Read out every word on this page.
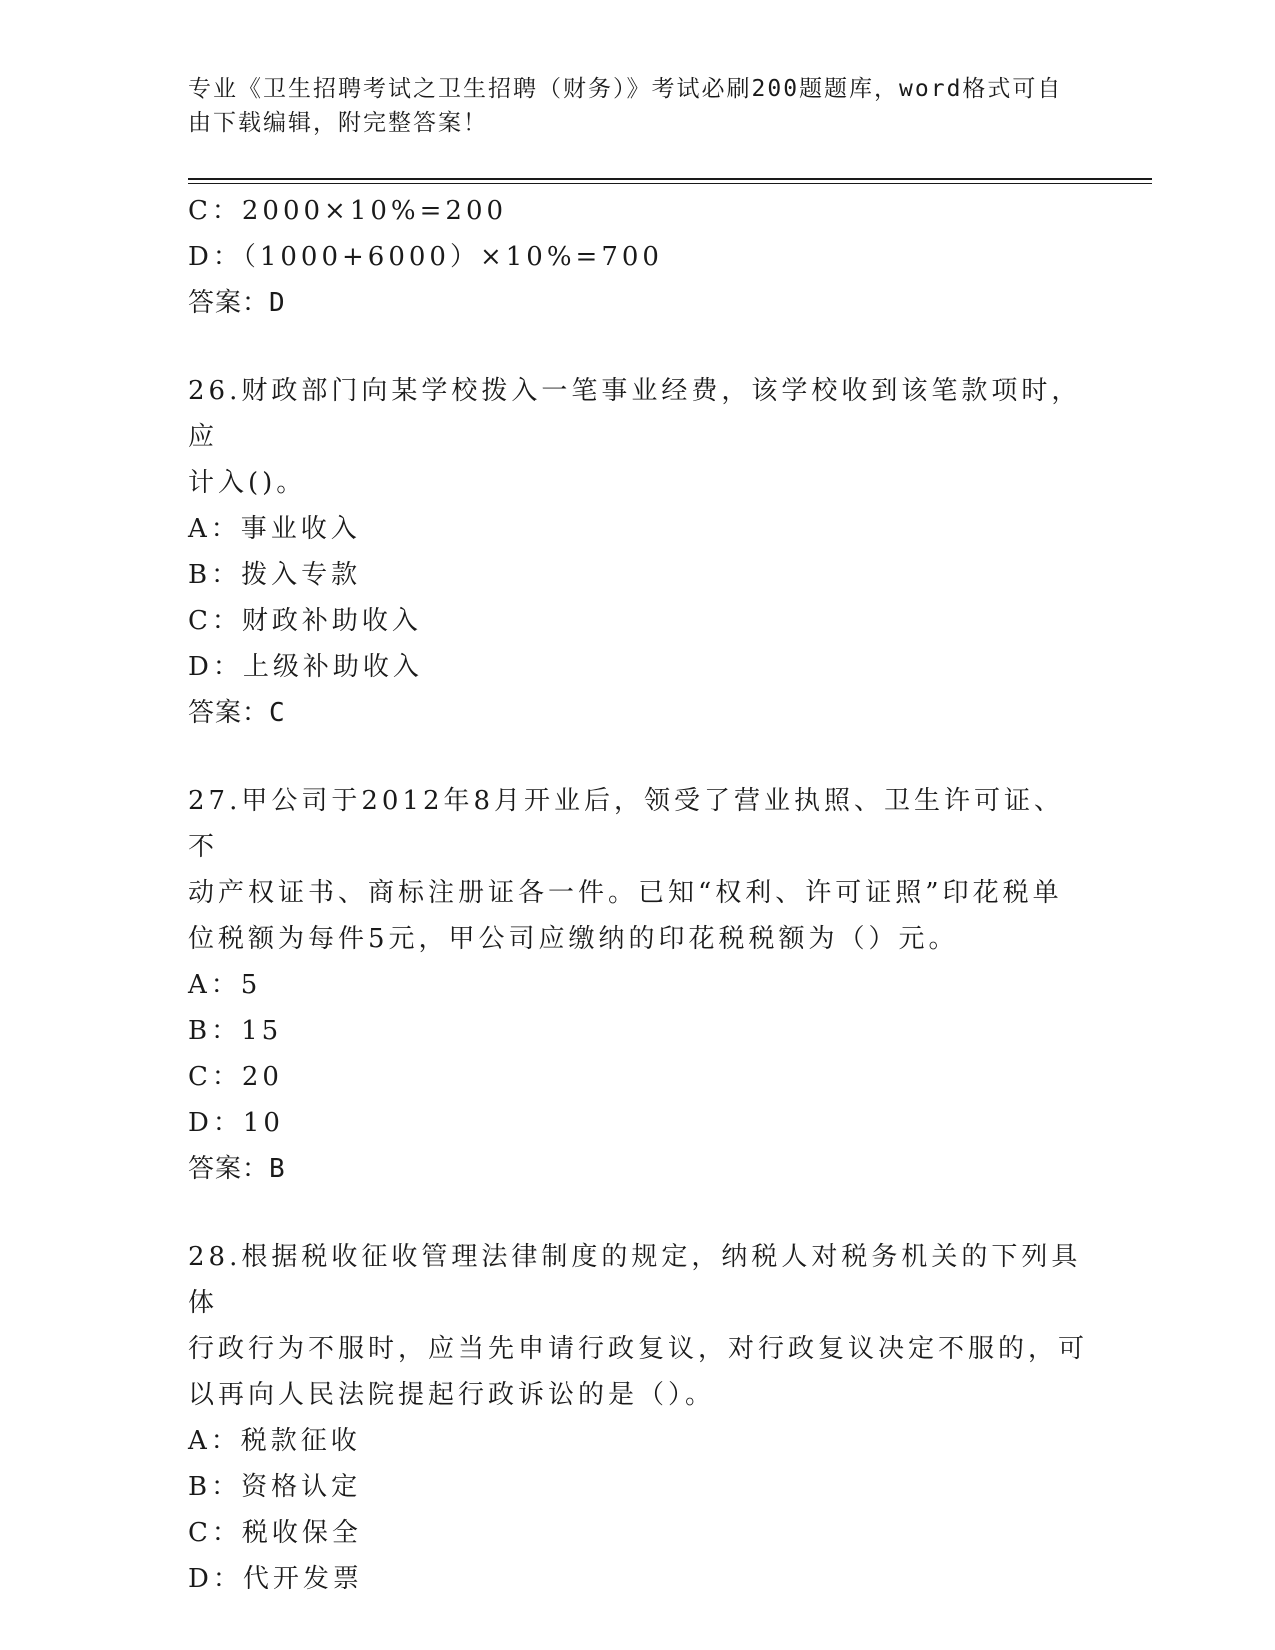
专业《卫生招聘考试之卫生招聘（财务）》考试必刷200题题库，word格式可自
由下载编辑，附完整答案！
C：2000×10%=200
D：（1000+6000）×10%=700
答案：D
26.财政部门向某学校拨入一笔事业经费，该学校收到该笔款项时，应
计入()。
A：事业收入
B：拨入专款
C：财政补助收入
D：上级补助收入
答案：C
27.甲公司于2012年8月开业后，领受了营业执照、卫生许可证、不
动产权证书、商标注册证各一件。已知“权利、许可证照”印花税单
位税额为每件5元，甲公司应缴纳的印花税税额为（）元。
A：5
B：15
C：20
D：10
答案：B
28.根据税收征收管理法律制度的规定，纳税人对税务机关的下列具体
行政行为不服时，应当先申请行政复议，对行政复议决定不服的，可
以再向人民法院提起行政诉讼的是（）。
A：税款征收
B：资格认定
C：税收保全
D：代开发票
